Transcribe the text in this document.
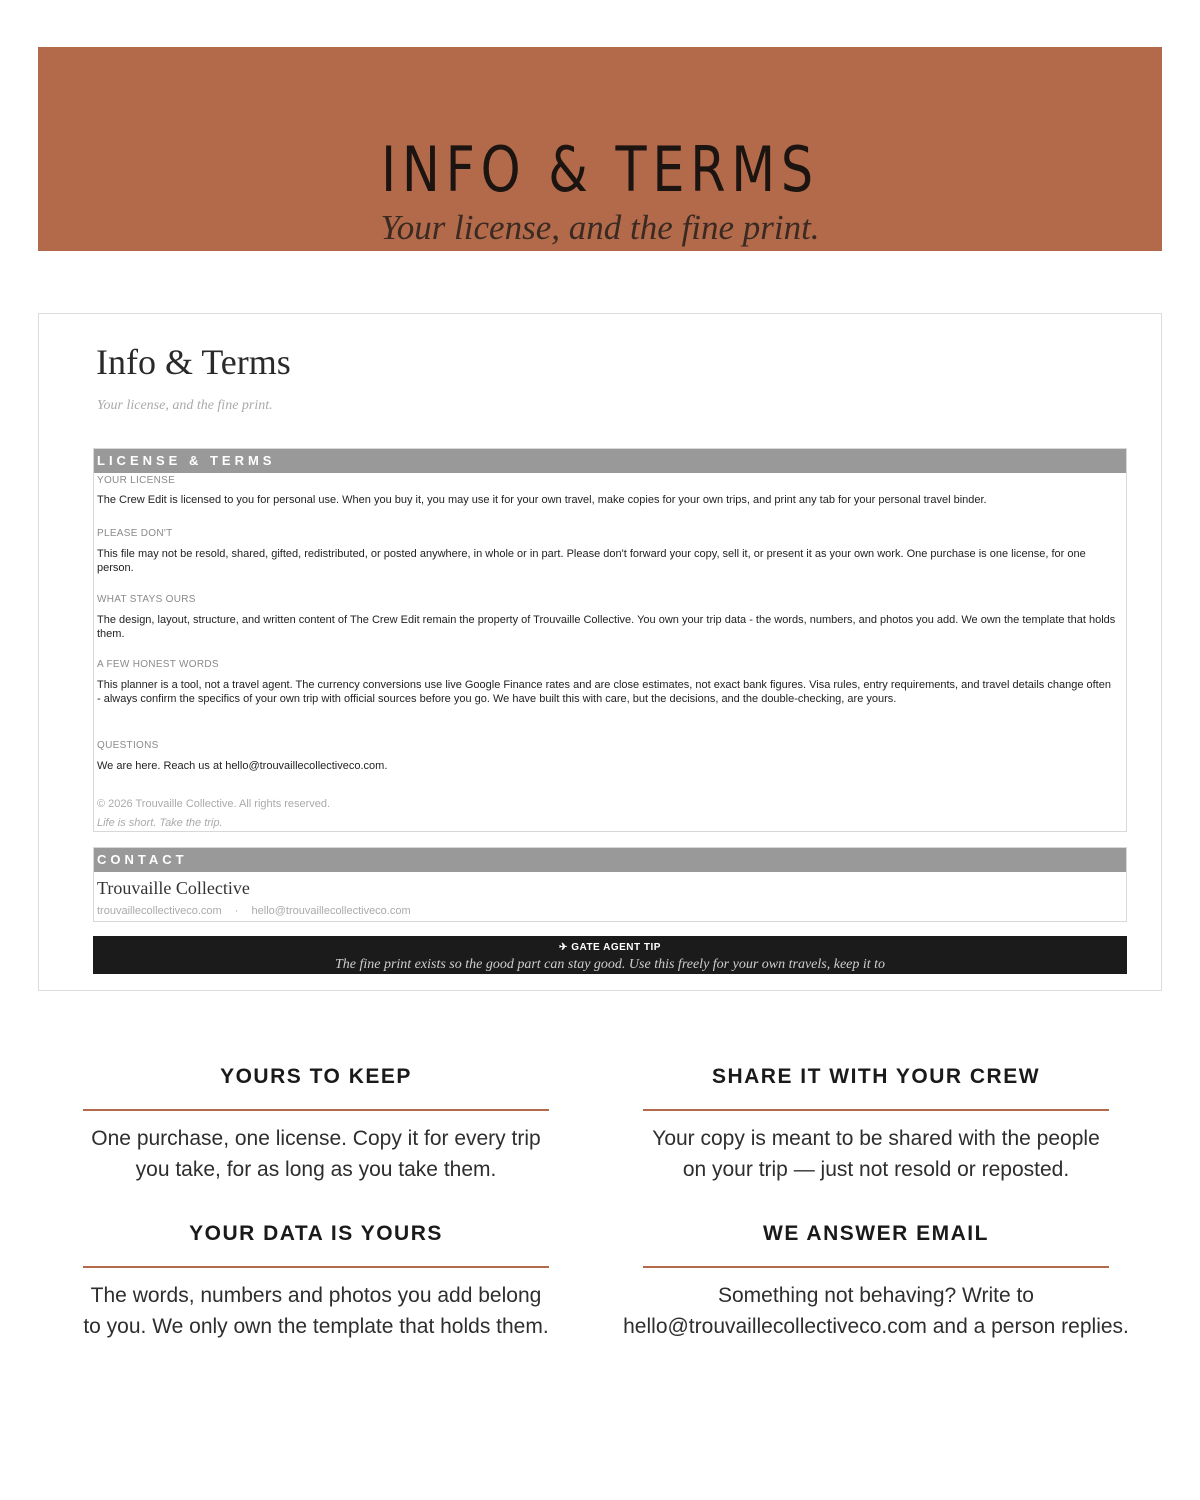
INFO & TERMS
Your license, and the fine print.
Info & Terms
Your license, and the fine print.
LICENSE & TERMS
YOUR LICENSE
The Crew Edit is licensed to you for personal use. When you buy it, you may use it for your own travel, make copies for your own trips, and print any tab for your personal travel binder.
PLEASE DON'T
This file may not be resold, shared, gifted, redistributed, or posted anywhere, in whole or in part. Please don't forward your copy, sell it, or present it as your own work. One purchase is one license, for one person.
WHAT STAYS OURS
The design, layout, structure, and written content of The Crew Edit remain the property of Trouvaille Collective. You own your trip data - the words, numbers, and photos you add. We own the template that holds them.
A FEW HONEST WORDS
This planner is a tool, not a travel agent. The currency conversions use live Google Finance rates and are close estimates, not exact bank figures. Visa rules, entry requirements, and travel details change often - always confirm the specifics of your own trip with official sources before you go. We have built this with care, but the decisions, and the double-checking, are yours.
QUESTIONS
We are here. Reach us at hello@trouvaillecollectiveco.com.
© 2026 Trouvaille Collective. All rights reserved.
Life is short. Take the trip.
CONTACT
Trouvaille Collective
trouvaillecollectiveco.com · hello@trouvaillecollectiveco.com
✈ GATE AGENT TIP
The fine print exists so the good part can stay good. Use this freely for your own travels, keep it to
YOURS TO KEEP
One purchase, one license. Copy it for every trip
you take, for as long as you take them.
SHARE IT WITH YOUR CREW
Your copy is meant to be shared with the people
on your trip — just not resold or reposted.
YOUR DATA IS YOURS
The words, numbers and photos you add belong
to you. We only own the template that holds them.
WE ANSWER EMAIL
Something not behaving? Write to
hello@trouvaillecollectiveco.com and a person replies.
